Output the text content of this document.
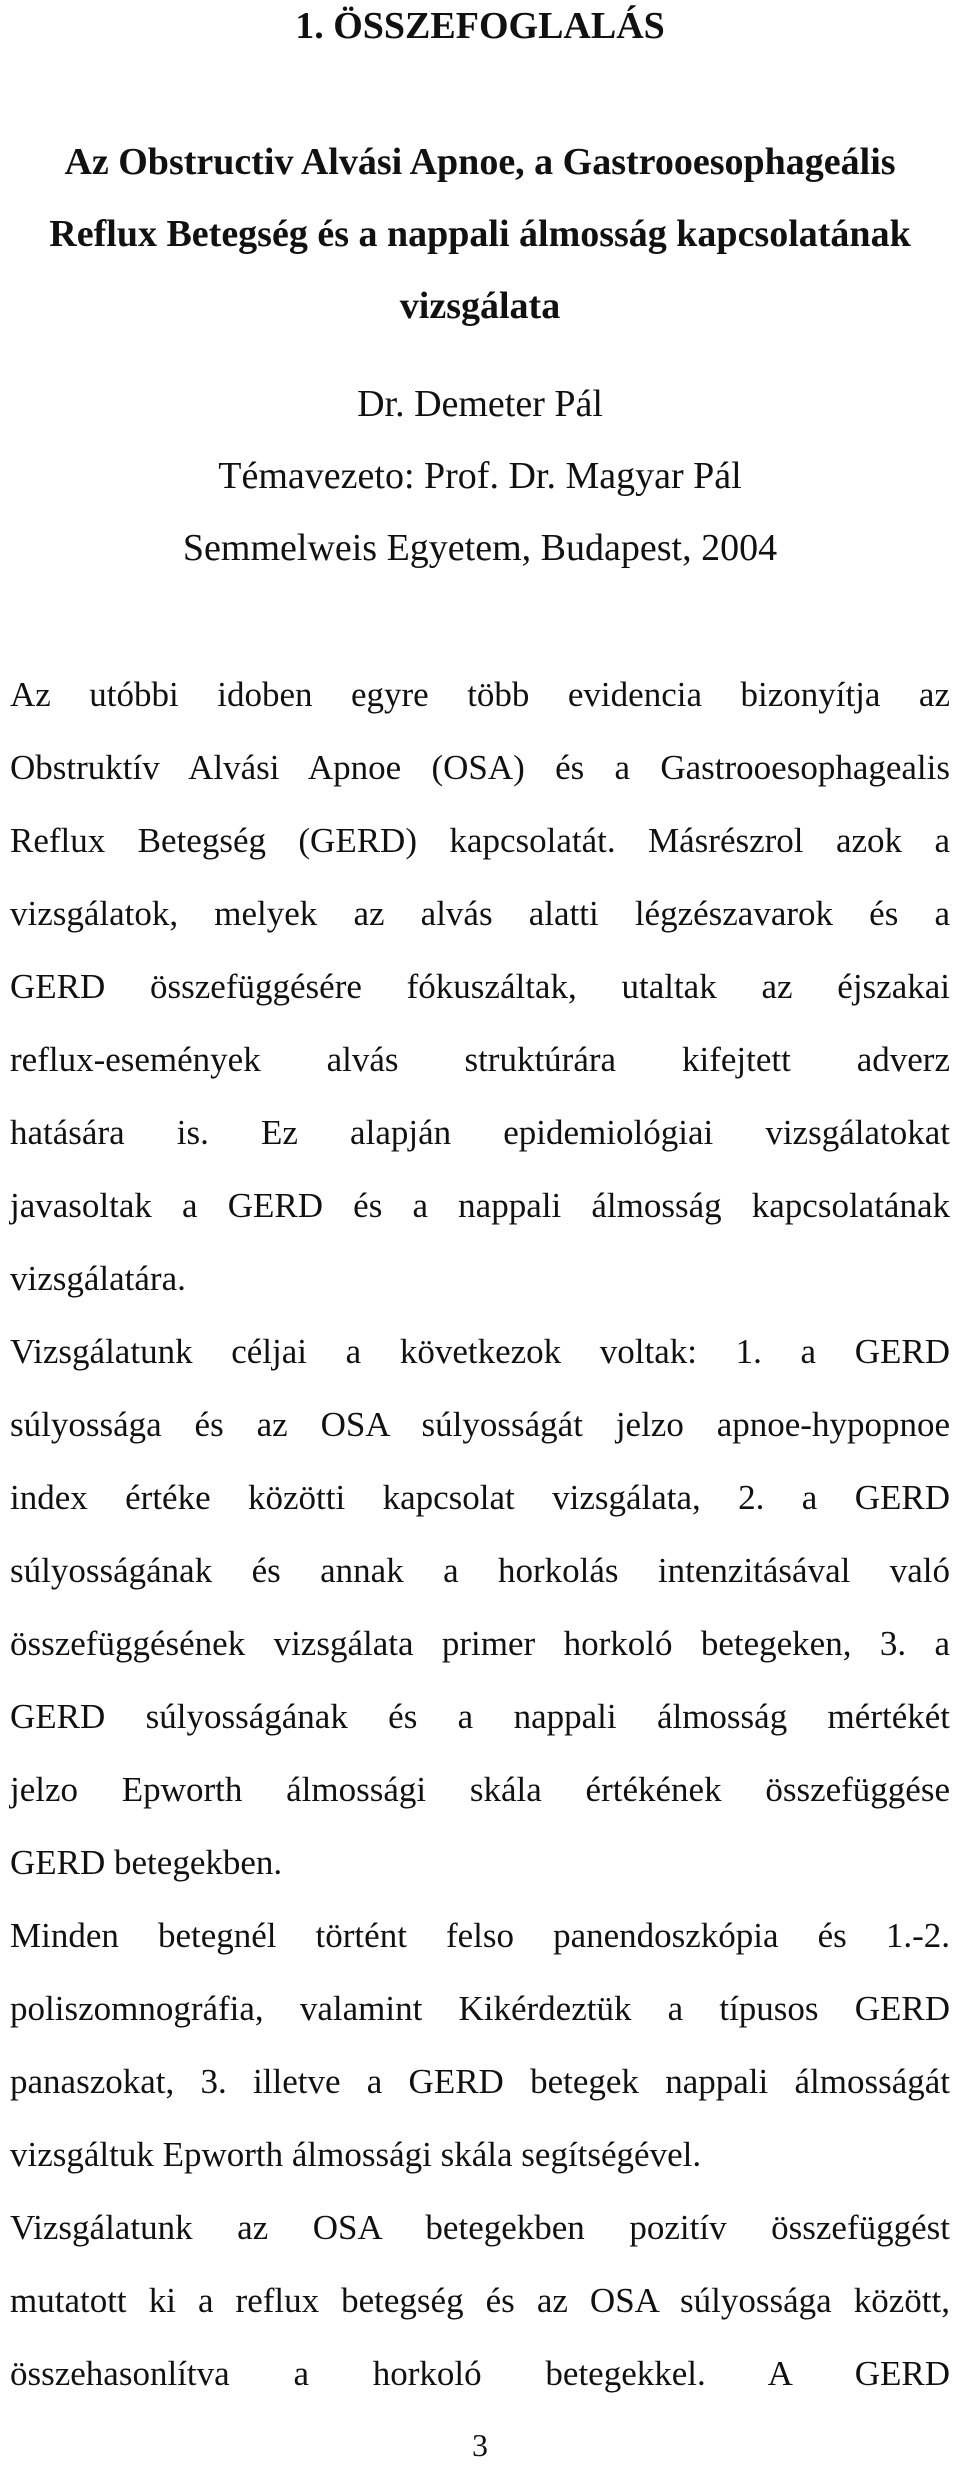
1. ÖSSZEFOGLALÁS
Az Obstructiv Alvási Apnoe, a Gastrooesophageális
Reflux Betegség és a nappali álmosság kapcsolatának
vizsgálata
Dr. Demeter Pál
Témavezeto: Prof. Dr. Magyar Pál
Semmelweis Egyetem, Budapest, 2004
Az utóbbi idoben egyre több evidencia bizonyítja az
Obstruktív Alvási Apnoe (OSA) és a Gastrooesophagealis
Reflux Betegség (GERD) kapcsolatát. Másrészrol azok a
vizsgálatok, melyek az alvás alatti légzészavarok és a
GERD összefüggésére fókuszáltak, utaltak az éjszakai
reflux-események alvás struktúrára kifejtett adverz
hatására is. Ez alapján epidemiológiai vizsgálatokat
javasoltak a GERD és a nappali álmosság kapcsolatának
vizsgálatára.
Vizsgálatunk céljai a következok voltak: 1. a GERD
súlyossága és az OSA súlyosságát jelzo apnoe-hypopnoe
index értéke közötti kapcsolat vizsgálata, 2. a GERD
súlyosságának és annak a horkolás intenzitásával való
összefüggésének vizsgálata primer horkoló betegeken, 3. a
GERD súlyosságának és a nappali álmosság mértékét
jelzo Epworth álmossági skála értékének összefüggése
GERD betegekben.
Minden betegnél történt felso panendoszkópia és 1.-2.
poliszomnográfia, valamint Kikérdeztük a típusos GERD
panaszokat, 3. illetve a GERD betegek nappali álmosságát
vizsgáltuk Epworth álmossági skála segítségével.
Vizsgálatunk az OSA betegekben pozitív összefüggést
mutatott ki a reflux betegség és az OSA súlyossága között,
összehasonlítva a horkoló betegekkel. A GERD
3
